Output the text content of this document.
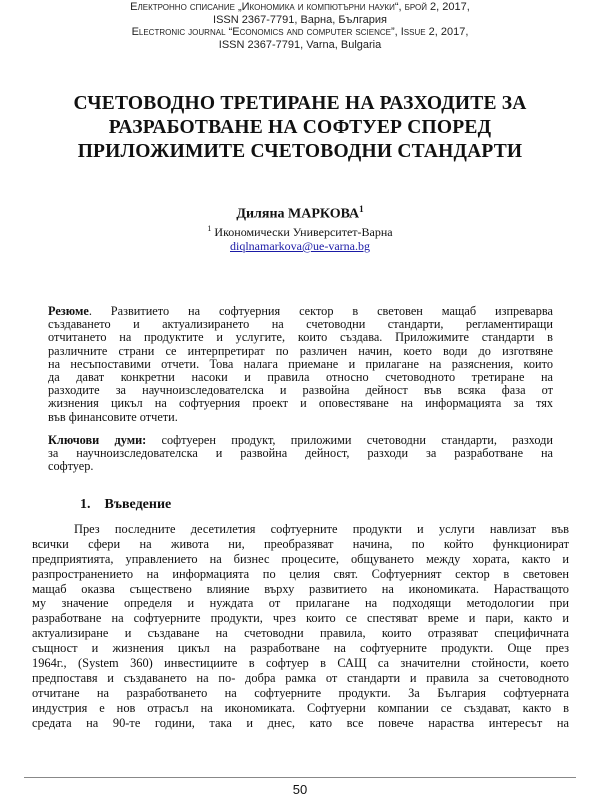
Електронно списание „Икономика и компютърни науки“, брой 2, 2017,
ISSN 2367-7791, Варна, България
Electronic journal “Economics and computer science”, Issue 2, 2017,
ISSN 2367-7791, Varna, Bulgaria
СЧЕТОВОДНО ТРЕТИРАНЕ НА РАЗХОДИТЕ ЗА
РАЗРАБОТВАНЕ НА СОФТУЕР СПОРЕД
ПРИЛОЖИМИТЕ СЧЕТОВОДНИ СТАНДАРТИ
Диляна МАРКОВА$^1$
$^1$ Икономически Университет-Варна
diqlnamarkova@ue-varna.bg
Резюме. Развитието на софтуерния сектор в световен мащаб изпреварва
създаването и актуализирането на счетоводни стандарти, регламентиращи
отчитането на продуктите и услугите, които създава. Приложимите стандарти в
различните страни се интерпретират по различен начин, което води до изготвяне
на несъпоставими отчети. Това налага приемане и прилагане на разяснения, които
да дават конкретни насоки и правила относно счетоводното третиране на
разходите за научноизследователска и развойна дейност във всяка фаза от
жизнения цикъл на софтуерния проект и оповестяване на информацията за тях
във финансовите отчети.
Ключови думи: софтуерен продукт, приложими счетоводни стандарти, разходи
за научноизследователска и развойна дейност, разходи за разработване на
софтуер.
1. Въведение
През последните десетилетия софтуерните продукти и услуги навлизат във
всички сфери на живота ни, преобразяват начина, по който функционират
предприятията, управлението на бизнес процесите, общуването между хората, както и
разпространението на информацията по целия свят. Софтуерният сектор в световен
мащаб оказва съществено влияние върху развитието на икономиката. Нарастващото
му значение определя и нуждата от прилагане на подходящи методологии при
разработване на софтуерните продукти, чрез които се спестяват време и пари, както и
актуализиране и създаване на счетоводни правила, които отразяват специфичната
същност и жизнения цикъл на разработване на софтуерните продукти. Още през
1964г., (System 360) инвестициите в софтуер в САЩ са значителни стойности, което
предпоставя и създаването на по- добра рамка от стандарти и правила за счетоводното
отчитане на разработването на софтуерните продукти. За България софтуерната
индустрия е нов отрасъл на икономиката. Софтуерни компании се създават, както в
средата на 90-те години, така и днес, като все повече нараства интересът на
50
